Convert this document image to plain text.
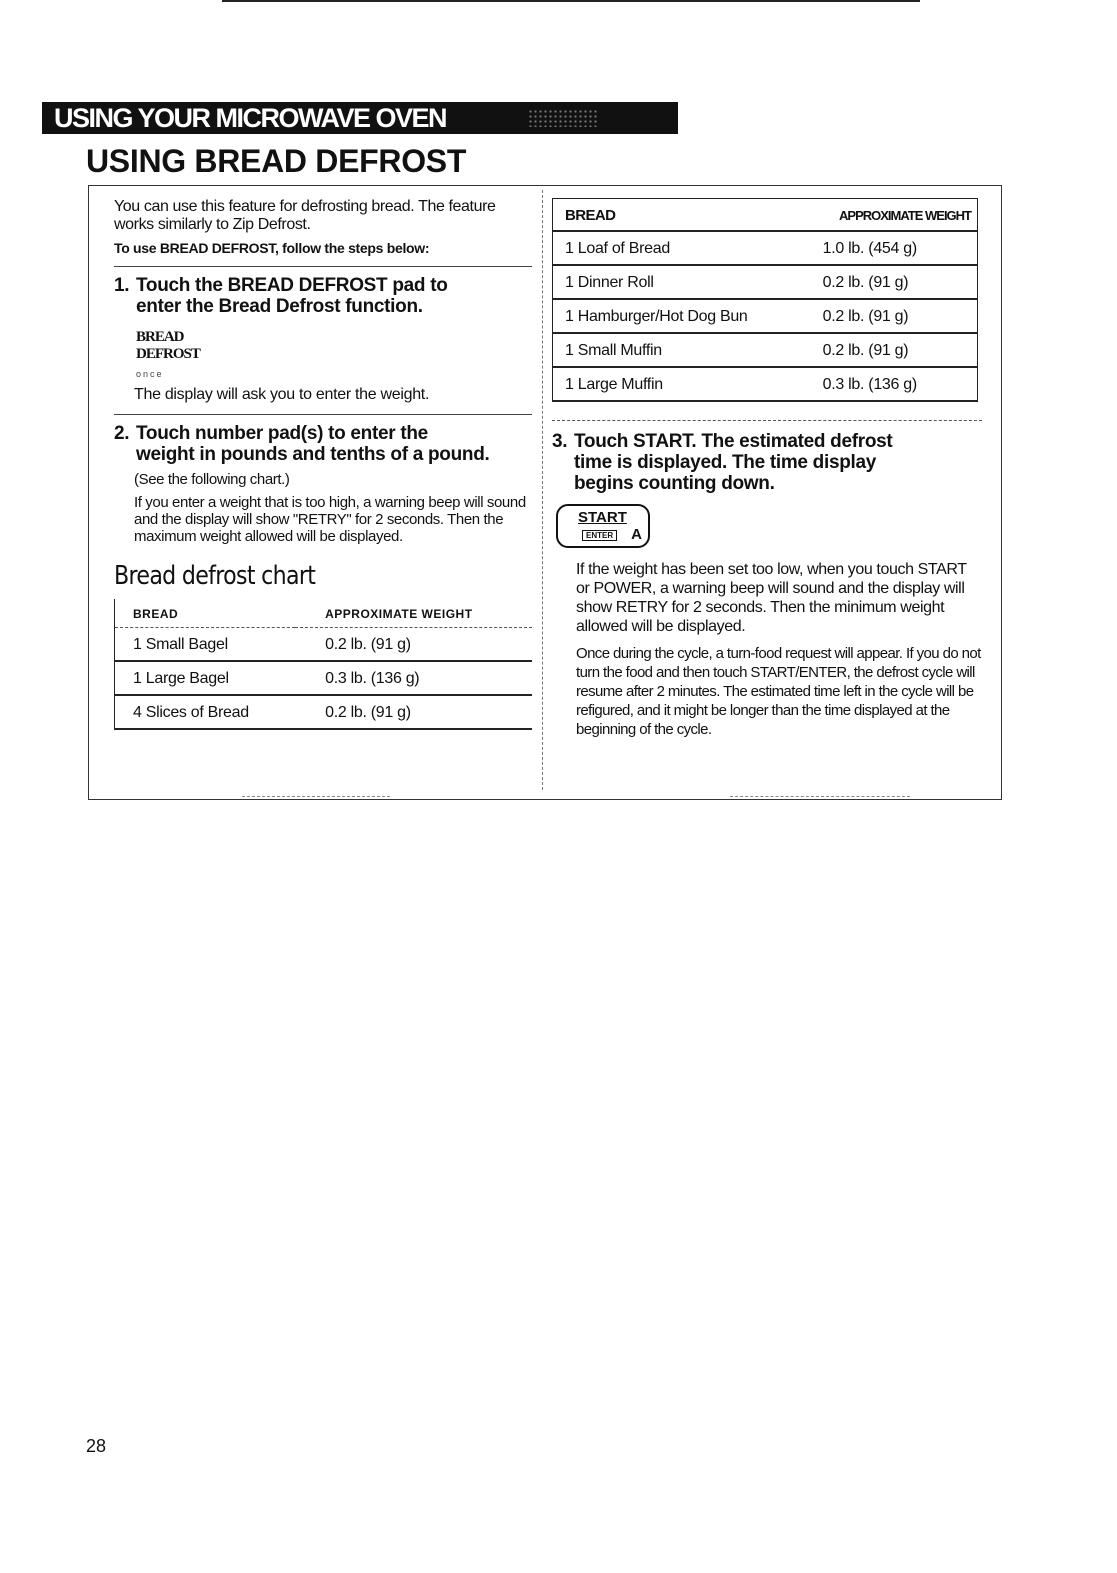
USING YOUR MICROWAVE OVEN
USING BREAD DEFROST

You can use this feature for defrosting bread. The feature works similarly to Zip Defrost.

To use BREAD DEFROST, follow the steps below:

1. Touch the BREAD DEFROST pad to
enter the Bread Defrost function.
BREAD
DEFROST
once

The display will ask you to enter the weight.

2. Touch number pad(s) to enter the
weight in pounds and tenths of a pound.

(See the following chart.)

If you enter a weight that is too high, a warning beep will sound and the display will show "RETRY" for 2 seconds. Then the maximum weight allowed will be displayed.

Bread defrost chart
BREAD	APPROXIMATE WEIGHT
1 Small Bagel	0.2 lb. (91 g)
1 Large Bagel	0.3 lb. (136 g)
4 Slices of Bread	0.2 lb. (91 g)
BREAD	APPROXIMATE WEIGHT
1 Loaf of Bread	1.0 lb. (454 g)
1 Dinner Roll	0.2 lb. (91 g)
1 Hamburger/Hot Dog Bun	0.2 lb. (91 g)
1 Small Muffin	0.2 lb. (91 g)
1 Large Muffin	0.3 lb. (136 g)
3. Touch START. The estimated defrost
time is displayed. The time display
begins counting down.
START
ENTER A

If the weight has been set too low, when you touch START or POWER, a warning beep will sound and the display will show RETRY for 2 seconds. Then the minimum weight allowed will be displayed.

Once during the cycle, a turn-food request will appear. If you do not turn the food and then touch START/ENTER, the defrost cycle will resume after 2 minutes. The estimated time left in the cycle will be refigured, and it might be longer than the time displayed at the beginning of the cycle.

28
